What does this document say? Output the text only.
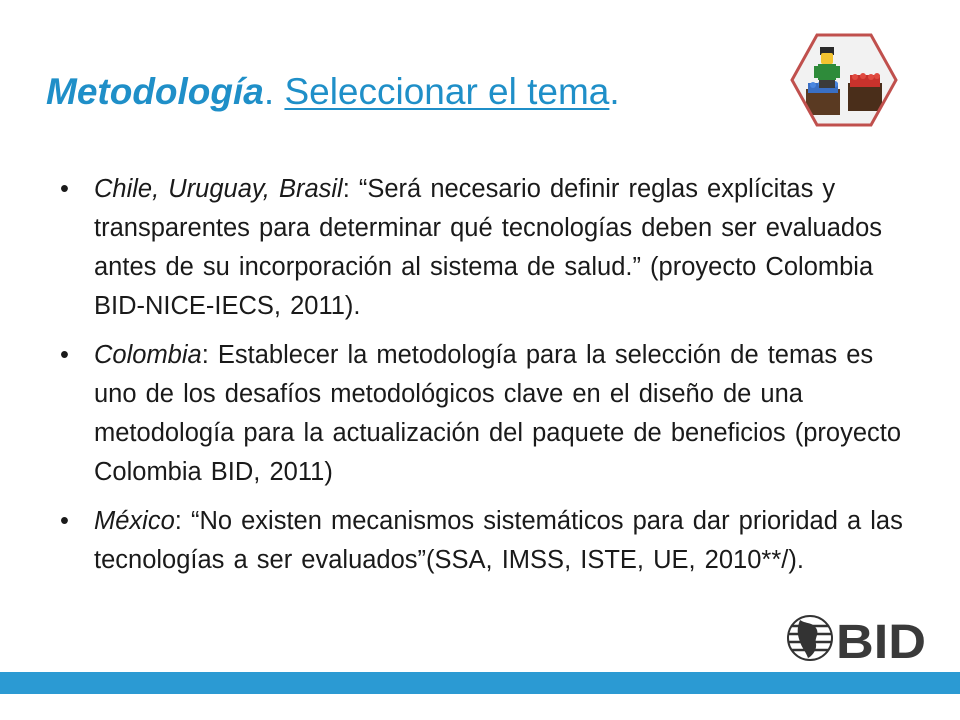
Metodología. Seleccionar el tema.
• Chile, Uruguay, Brasil: “Será necesario definir reglas explícitas y transparentes para determinar qué tecnologías deben ser evaluados antes de su incorporación al sistema de salud.” (proyecto Colombia BID-NICE-IECS, 2011).
• Colombia: Establecer la metodología para la selección de temas es uno de los desafíos metodológicos clave en el diseño de una metodología para la actualización del paquete de beneficios (proyecto Colombia BID, 2011)
• México: “No existen mecanismos sistemáticos para dar prioridad a las tecnologías a ser evaluados”(SSA, IMSS, ISTE, UE, 2010**/).
BID
